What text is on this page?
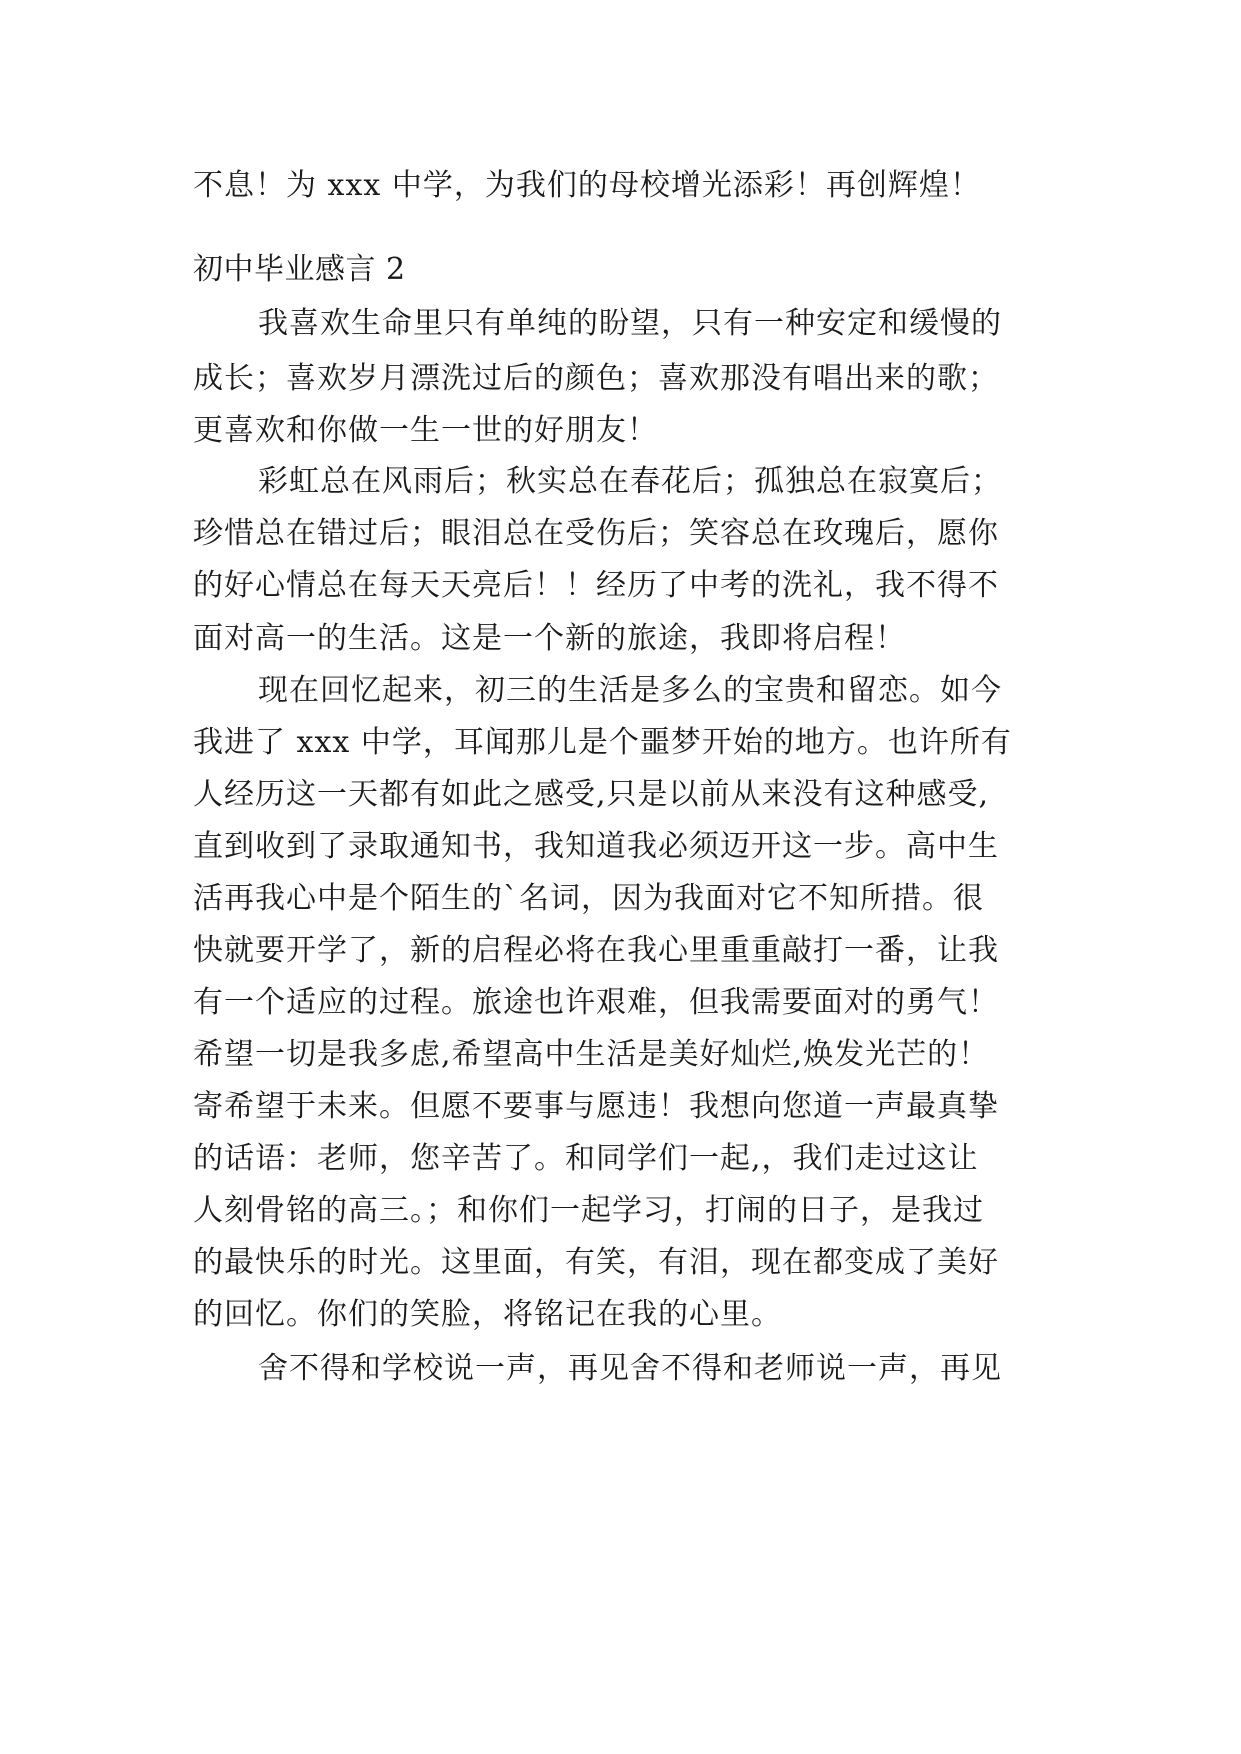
不息！为 xxx 中学，为我们的母校增光添彩！再创辉煌！
初中毕业感言 2
我喜欢生命里只有单纯的盼望，只有一种安定和缓慢的
成长；喜欢岁月漂洗过后的颜色；喜欢那没有唱出来的歌；
更喜欢和你做一生一世的好朋友！
彩虹总在风雨后；秋实总在春花后；孤独总在寂寞后；
珍惜总在错过后；眼泪总在受伤后；笑容总在玫瑰后，愿你
的好心情总在每天天亮后！！经历了中考的洗礼，我不得不
面对高一的生活。这是一个新的旅途，我即将启程！
现在回忆起来，初三的生活是多么的宝贵和留恋。如今
我进了 xxx 中学，耳闻那儿是个噩梦开始的地方。也许所有
人经历这一天都有如此之感受,只是以前从来没有这种感受,
直到收到了录取通知书，我知道我必须迈开这一步。高中生
活再我心中是个陌生的`名词，因为我面对它不知所措。很
快就要开学了，新的启程必将在我心里重重敲打一番，让我
有一个适应的过程。旅途也许艰难，但我需要面对的勇气！
希望一切是我多虑,希望高中生活是美好灿烂,焕发光芒的！
寄希望于未来。但愿不要事与愿违！我想向您道一声最真挚
的话语：老师，您辛苦了。和同学们一起,，我们走过这让
人刻骨铭的高三。；和你们一起学习，打闹的日子，是我过
的最快乐的时光。这里面，有笑，有泪，现在都变成了美好
的回忆。你们的笑脸，将铭记在我的心里。
舍不得和学校说一声，再见舍不得和老师说一声，再见
